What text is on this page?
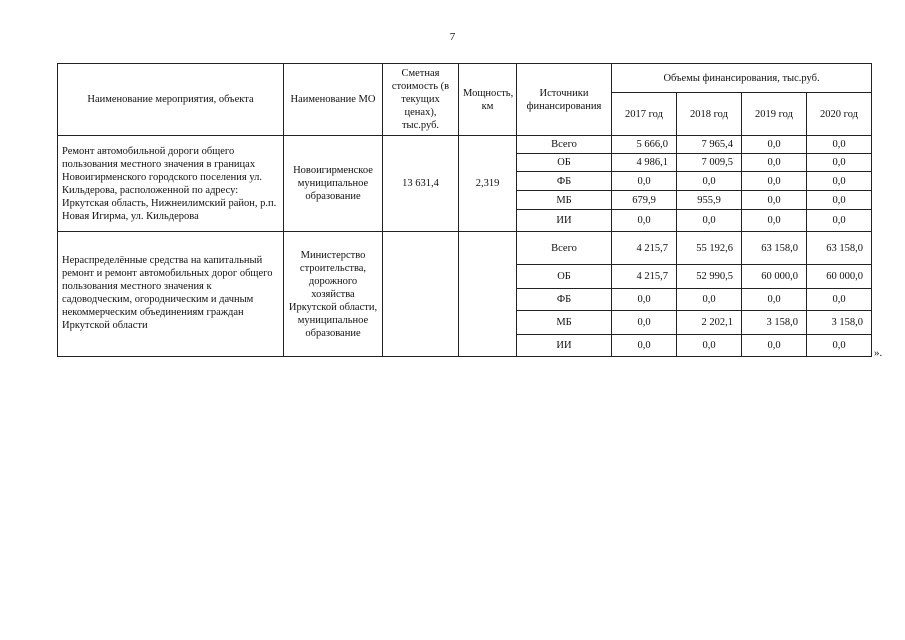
7
Наименование мероприятия, объекта	Наименование МО	Сметная стоимость (в текущих ценах), тыс.руб.	Мощность, км	Источники финансирования	Объемы финансирования, тыс.руб.			
					2017 год	2018 год	2019 год	2020 год
Ремонт автомобильной дороги общего пользования местного значения в границах Новоигирменского городского поселения ул. Кильдерова, расположенной по адресу: Иркутская область, Нижнеилимский район, р.п. Новая Игирма, ул. Кильдерова	Новоигирменское муниципальное образование	13 631,4	2,319	Всего	5 666,0	7 965,4	0,0	0,0
				ОБ	4 986,1	7 009,5	0,0	0,0
				ФБ	0,0	0,0	0,0	0,0
				МБ	679,9	955,9	0,0	0,0
				ИИ	0,0	0,0	0,0	0,0
Нераспределённые средства на капитальный ремонт и ремонт автомобильных дорог общего пользования местного значения к садоводческим, огородническим и дачным некоммерческим объединениям граждан Иркутской области	Министерство строительства, дорожного хозяйства Иркутской области, муниципальное образование			Всего	4 215,7	55 192,6	63 158,0	63 158,0
				ОБ	4 215,7	52 990,5	60 000,0	60 000,0
				ФБ	0,0	0,0	0,0	0,0
				МБ	0,0	2 202,1	3 158,0	3 158,0
				ИИ	0,0	0,0	0,0	0,0
».
